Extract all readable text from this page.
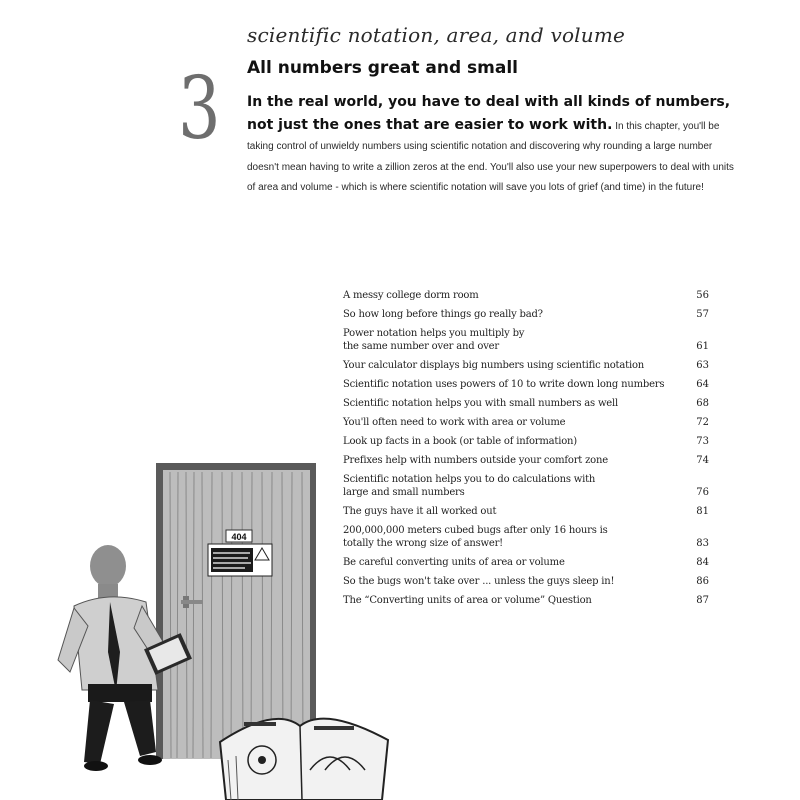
3
scientific notation, area, and volume
All numbers great and small
In the real world, you have to deal with all kinds of numbers, not just the ones that are easier to work with. In this chapter, you'll be taking control of unwieldy numbers using scientific notation and discovering why rounding a large number doesn't mean having to write a zillion zeros at the end. You'll also use your new superpowers to deal with units of area and volume - which is where scientific notation will save you lots of grief (and time) in the future!
A messy college dorm room	56
So how long before things go really bad?	57
Power notation helps you multiply by
the same number over and over	61
Your calculator displays big numbers using scientific notation	63
Scientific notation uses powers of 10 to write down long numbers	64
Scientific notation helps you with small numbers as well	68
You'll often need to work with area or volume	72
Look up facts in a book (or table of information)	73
Prefixes help with numbers outside your comfort zone	74
Scientific notation helps you to do calculations with
large and small numbers	76
The guys have it all worked out	81
200,000,000 meters cubed bugs after only 16 hours is
totally the wrong size of answer!	83
Be careful converting units of area or volume	84
So the bugs won't take over ... unless the guys sleep in!	86
The “Converting units of area or volume” Question	87
404
